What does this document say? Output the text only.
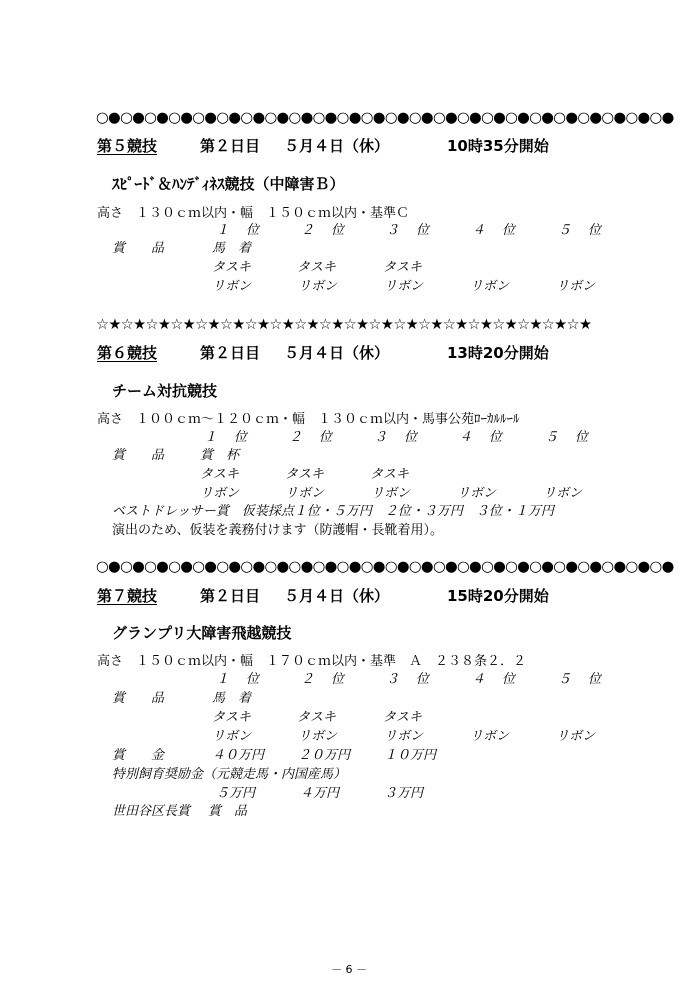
○●○●○●○●○●○●○●○●○●○●○●○●○●○●○●○●○●○●○●○●○●○●○●○●
第５競技	第２日目 ５月４日（休）	10時35分開始
ｽﾋﾟｰﾄﾞ＆ﾊﾝﾃﾞｨﾈｽ競技（中障害Ｂ）
高さ　１３０ｃｍ以内・幅　１５０ｃｍ以内・基準Ｃ
１　位	２　位	３　位	４　位	５　位
賞　　品	馬　着
タスキ	タスキ	タスキ
リボン	リボン	リボン	リボン	リボン
☆★☆★☆★☆★☆★☆★☆★☆★☆★☆★☆★☆★☆★☆★☆★☆★☆★☆★☆★☆★
第６競技	第２日目 ５月４日（休）	13時20分開始
チーム対抗競技
高さ　１００ｃｍ～１２０ｃｍ・幅　１３０ｃｍ以内・馬事公苑ﾛｰｶﾙﾙｰﾙ
１　位	２　位	３　位	４　位	５　位
賞　　品	賞　杯
タスキ	タスキ	タスキ
リボン	リボン	リボン	リボン	リボン
ベストドレッサー賞　仮装採点１位・５万円　２位・３万円　３位・１万円
演出のため、仮装を義務付けます（防護帽・長靴着用）。
○●○●○●○●○●○●○●○●○●○●○●○●○●○●○●○●○●○●○●○●○●○●○●○●
第７競技	第２日目 ５月４日（休）	15時20分開始
グランプリ大障害飛越競技
高さ　１５０ｃｍ以内・幅　１７０ｃｍ以内・基準　Ａ　２３８条２．２
１　位	２　位	３　位	４　位	５　位
賞　　品	馬　着
タスキ	タスキ	タスキ
リボン	リボン	リボン	リボン	リボン
賞　　金	４０万円	２０万円	１０万円
特別飼育奨励金（元競走馬・内国産馬）
５万円	４万円	３万円
世田谷区長賞 賞　品
－ 6 －
